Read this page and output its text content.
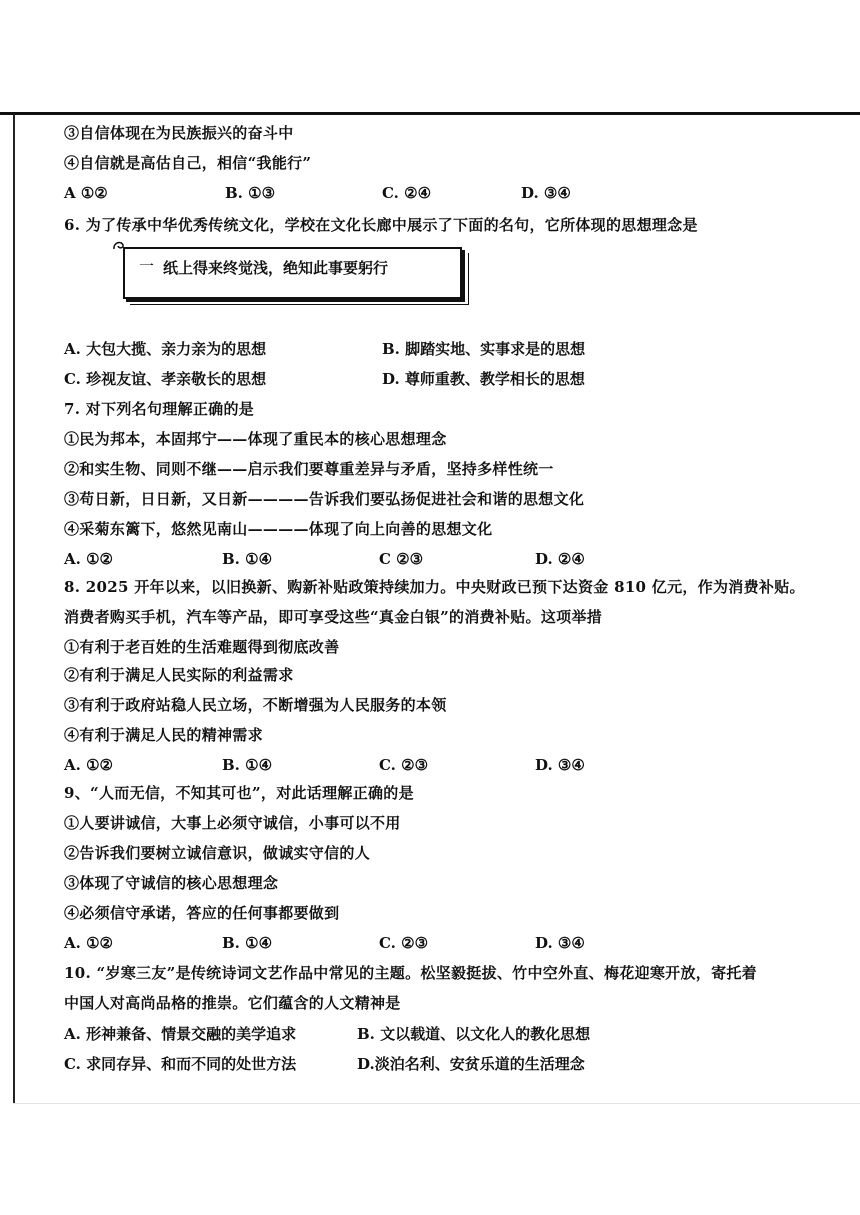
③自信体现在为民族振兴的奋斗中
④自信就是高估自己，相信“我能行”
A ①②	B. ①③	C. ②④	D. ③④
6. 为了传承中华优秀传统文化，学校在文化长廊中展示了下面的名句，它所体现的思想理念是
一 纸上得来终觉浅，绝知此事要躬行
A. 大包大揽、亲力亲为的思想	B. 脚踏实地、实事求是的思想
C. 珍视友谊、孝亲敬长的思想	D. 尊师重教、教学相长的思想
7. 对下列名句理解正确的是
①民为邦本，本固邦宁——体现了重民本的核心思想理念
②和实生物、同则不继——启示我们要尊重差异与矛盾，坚持多样性统一
③苟日新，日日新，又日新————告诉我们要弘扬促进社会和谐的思想文化
④采菊东篱下，悠然见南山————体现了向上向善的思想文化
A. ①②	B. ①④	C ②③	D. ②④
8. 2025 开年以来，以旧换新、购新补贴政策持续加力。中央财政已预下达资金 810 亿元，作为消费补贴。
消费者购买手机，汽车等产品，即可享受这些“真金白银”的消费补贴。这项举措
①有利于老百姓的生活难题得到彻底改善
②有利于满足人民实际的利益需求
③有利于政府站稳人民立场，不断增强为人民服务的本领
④有利于满足人民的精神需求
A. ①②	B. ①④	C. ②③	D. ③④
9、“人而无信，不知其可也”，对此话理解正确的是
①人要讲诚信，大事上必须守诚信，小事可以不用
②告诉我们要树立诚信意识，做诚实守信的人
③体现了守诚信的核心思想理念
④必须信守承诺，答应的任何事都要做到
A. ①②	B. ①④	C. ②③	D. ③④
10. “岁寒三友”是传统诗词文艺作品中常见的主题。松坚毅挺拔、竹中空外直、梅花迎寒开放，寄托着
中国人对高尚品格的推崇。它们蕴含的人文精神是
A. 形神兼备、情景交融的美学追求	B. 文以载道、以文化人的教化思想
C. 求同存异、和而不同的处世方法	D.淡泊名利、安贫乐道的生活理念
